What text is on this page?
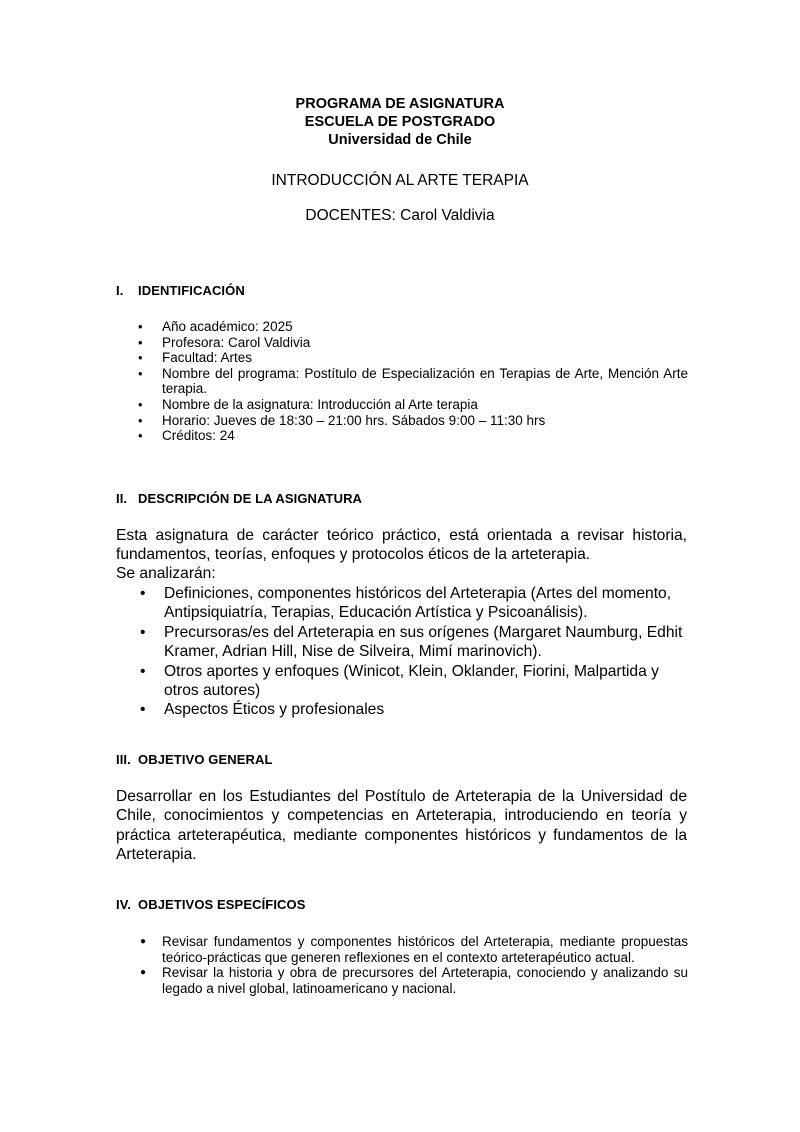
PROGRAMA DE ASIGNATURA
ESCUELA DE POSTGRADO
Universidad de Chile
INTRODUCCIÓN AL ARTE TERAPIA
DOCENTES: Carol Valdivia
I. IDENTIFICACIÓN
• Año académico: 2025
• Profesora: Carol Valdivia
• Facultad: Artes
• Nombre del programa: Postítulo de Especialización en Terapias de Arte, Mención Arte terapia.
• Nombre de la asignatura: Introducción al Arte terapia
• Horario: Jueves de 18:30 – 21:00 hrs. Sábados 9:00 – 11:30 hrs
• Créditos: 24
II. DESCRIPCIÓN DE LA ASIGNATURA

Esta asignatura de carácter teórico práctico, está orientada a revisar historia, fundamentos, teorías, enfoques y protocolos éticos de la arteterapia.

Se analizarán:

• Definiciones, componentes históricos del Arteterapia (Artes del momento, Antipsiquiatría, Terapias, Educación Artística y Psicoanálisis).
• Precursoras/es del Arteterapia en sus orígenes (Margaret Naumburg, Edhit Kramer, Adrian Hill, Nise de Silveira, Mimí marinovich).
• Otros aportes y enfoques (Winicot, Klein, Oklander, Fiorini, Malpartida y otros autores)
• Aspectos Éticos y profesionales
III. OBJETIVO GENERAL

Desarrollar en los Estudiantes del Postítulo de Arteterapia de la Universidad de Chile, conocimientos y competencias en Arteterapia, introduciendo en teoría y práctica arteterapéutica, mediante componentes históricos y fundamentos de la Arteterapia.

IV. OBJETIVOS ESPECÍFICOS
● Revisar fundamentos y componentes históricos del Arteterapia, mediante propuestas teórico-prácticas que generen reflexiones en el contexto arteterapéutico actual.
● Revisar la historia y obra de precursores del Arteterapia, conociendo y analizando su legado a nivel global, latinoamericano y nacional.
